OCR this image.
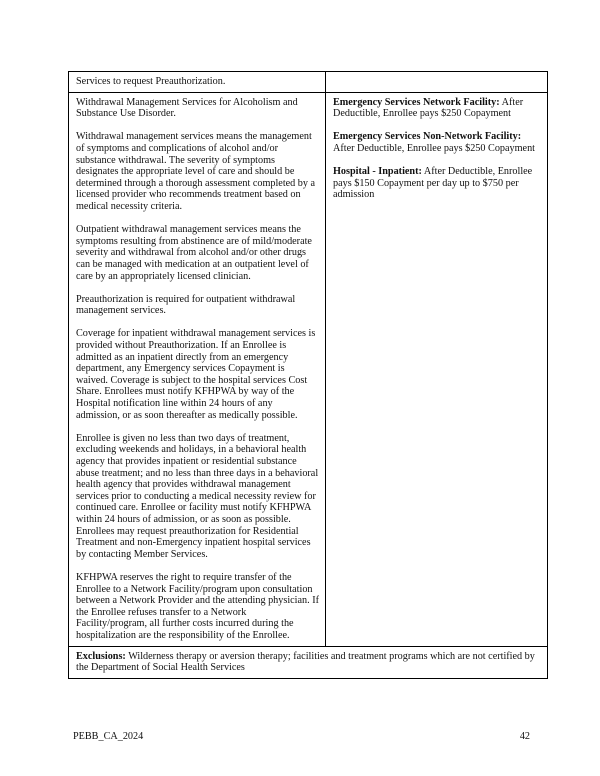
Services to request Preauthorization.

Withdrawal Management Services for Alcoholism and Substance Use Disorder.

Withdrawal management services means the management of symptoms and complications of alcohol and/or substance withdrawal. The severity of symptoms designates the appropriate level of care and should be determined through a thorough assessment completed by a licensed provider who recommends treatment based on medical necessity criteria.

Outpatient withdrawal management services means the symptoms resulting from abstinence are of mild/moderate severity and withdrawal from alcohol and/or other drugs can be managed with medication at an outpatient level of care by an appropriately licensed clinician.

Preauthorization is required for outpatient withdrawal management services.

Coverage for inpatient withdrawal management services is provided without Preauthorization. If an Enrollee is admitted as an inpatient directly from an emergency department, any Emergency services Copayment is waived. Coverage is subject to the hospital services Cost Share. Enrollees must notify KFHPWA by way of the Hospital notification line within 24 hours of any admission, or as soon thereafter as medically possible.

Enrollee is given no less than two days of treatment, excluding weekends and holidays, in a behavioral health agency that provides inpatient or residential substance abuse treatment; and no less than three days in a behavioral health agency that provides withdrawal management services prior to conducting a medical necessity review for continued care. Enrollee or facility must notify KFHPWA within 24 hours of admission, or as soon as possible. Enrollees may request preauthorization for Residential Treatment and non-Emergency inpatient hospital services by contacting Member Services.

KFHPWA reserves the right to require transfer of the Enrollee to a Network Facility/program upon consultation between a Network Provider and the attending physician. If the Enrollee refuses transfer to a Network Facility/program, all further costs incurred during the hospitalization are the responsibility of the Enrollee.

Emergency Services Network Facility: After Deductible, Enrollee pays $250 Copayment

Emergency Services Non-Network Facility: After Deductible, Enrollee pays $250 Copayment

Hospital - Inpatient: After Deductible, Enrollee pays $150 Copayment per day up to $750 per admission

Exclusions: Wilderness therapy or aversion therapy; facilities and treatment programs which are not certified by the Department of Social Health Services
PEBB_CA_2024	42
